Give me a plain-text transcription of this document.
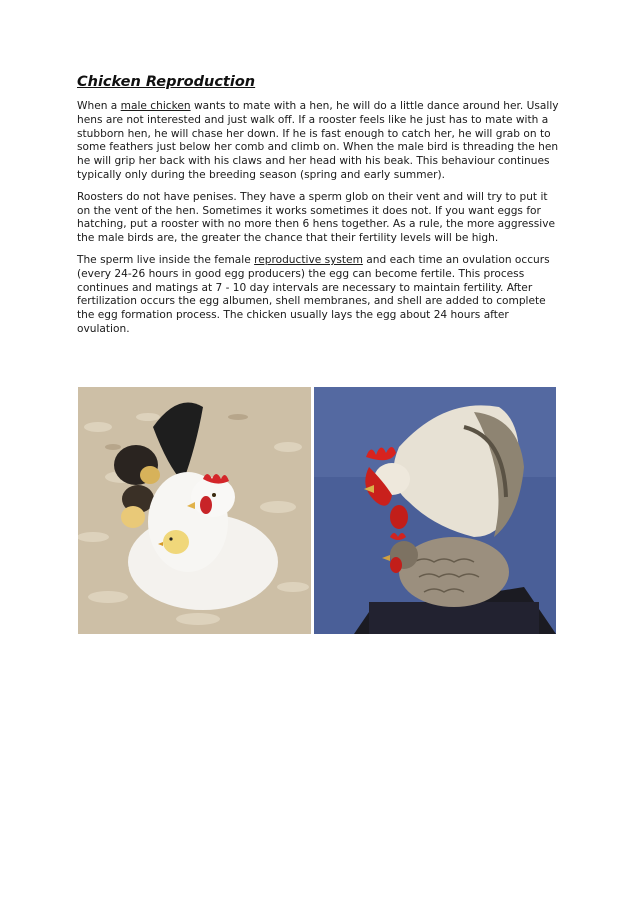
Chicken Reproduction

When a male chicken wants to mate with a hen, he will do a little dance around her. Usally hens are not interested and just walk off. If a rooster feels like he just has to mate with a stubborn hen, he will chase her down. If he is fast enough to catch her, he will grab on to some feathers just below her comb and climb on. When the male bird is threading the hen he will grip her back with his claws and her head with his beak. This behaviour continues typically only during the breeding season (spring and early summer).

Roosters do not have penises. They have a sperm glob on their vent and will try to put it on the vent of the hen. Sometimes it works sometimes it does not. If you want eggs for hatching, put a rooster with no more then 6 hens together. As a rule, the more aggressive the male birds are, the greater the chance that their fertility levels will be high.

The sperm live inside the female reproductive system and each time an ovulation occurs (every 24-26 hours in good egg producers) the egg can become fertile. This process continues and matings at 7 - 10 day intervals are necessary to maintain fertility. After fertilization occurs the egg albumen, shell membranes, and shell are added to complete the egg formation process. The chicken usually lays the egg about 24 hours after ovulation.
